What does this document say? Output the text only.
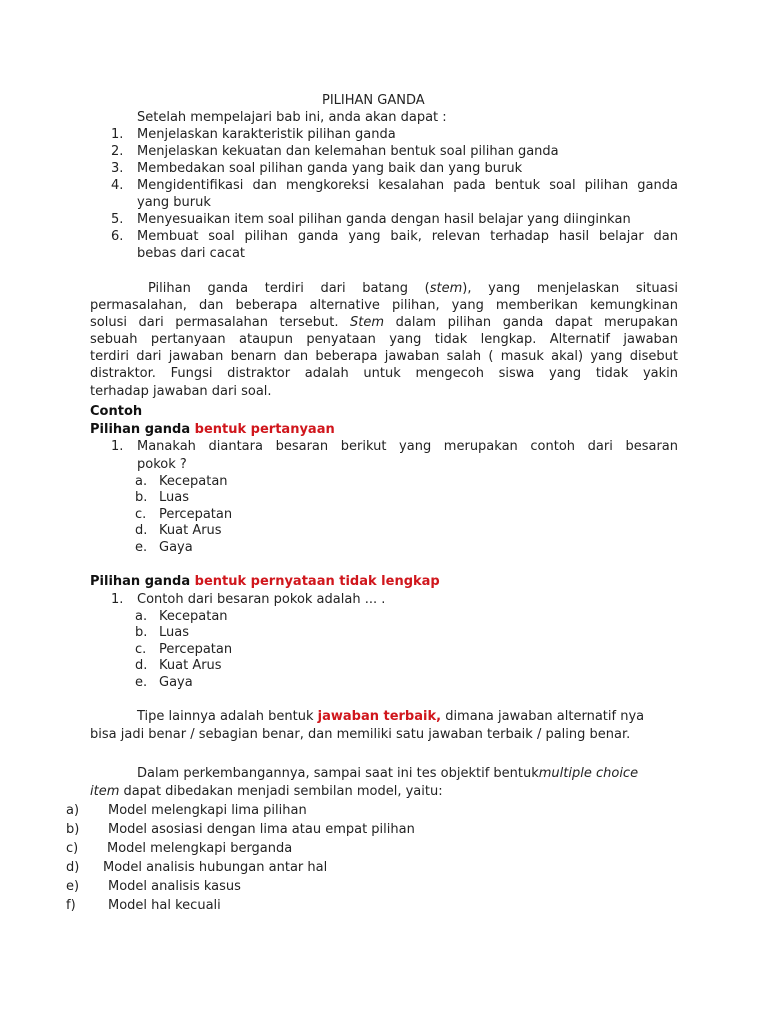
PILIHAN GANDA
Setelah mempelajari bab ini, anda akan dapat :
1. Menjelaskan karakteristik pilihan ganda
2. Menjelaskan kekuatan dan kelemahan bentuk soal pilihan ganda
3. Membedakan soal pilihan ganda yang baik dan yang buruk
4. Mengidentifikasi dan mengkoreksi kesalahan pada bentuk soal pilihan ganda
yang buruk
5. Menyesuaikan item soal pilihan ganda dengan hasil belajar yang diinginkan
6. Membuat soal pilihan ganda yang baik, relevan terhadap hasil belajar dan
bebas dari cacat
Pilihan ganda terdiri dari batang (stem), yang menjelaskan situasi
permasalahan, dan beberapa alternative pilihan, yang memberikan kemungkinan
solusi dari permasalahan tersebut. Stem dalam pilihan ganda dapat merupakan
sebuah pertanyaan ataupun penyataan yang tidak lengkap. Alternatif jawaban
terdiri dari jawaban benarn dan beberapa jawaban salah ( masuk akal) yang disebut
distraktor. Fungsi distraktor adalah untuk mengecoh siswa yang tidak yakin
terhadap jawaban dari soal.
Contoh
Pilihan ganda bentuk pertanyaan
1. Manakah diantara besaran berikut yang merupakan contoh dari besaran
pokok ?
a. Kecepatan
b. Luas
c. Percepatan
d. Kuat Arus
e. Gaya
Pilihan ganda bentuk pernyataan tidak lengkap
1. Contoh dari besaran pokok adalah ... .
a. Kecepatan
b. Luas
c. Percepatan
d. Kuat Arus
e. Gaya
Tipe lainnya adalah bentuk jawaban terbaik, dimana jawaban alternatif nya
bisa jadi benar / sebagian benar, dan memiliki satu jawaban terbaik / paling benar.
Dalam perkembangannya, sampai saat ini tes objektif bentukmultiple choice
item dapat dibedakan menjadi sembilan model, yaitu:
a) Model melengkapi lima pilihan
b) Model asosiasi dengan lima atau empat pilihan
c) Model melengkapi berganda
d) Model analisis hubungan antar hal
e) Model analisis kasus
f) Model hal kecuali
